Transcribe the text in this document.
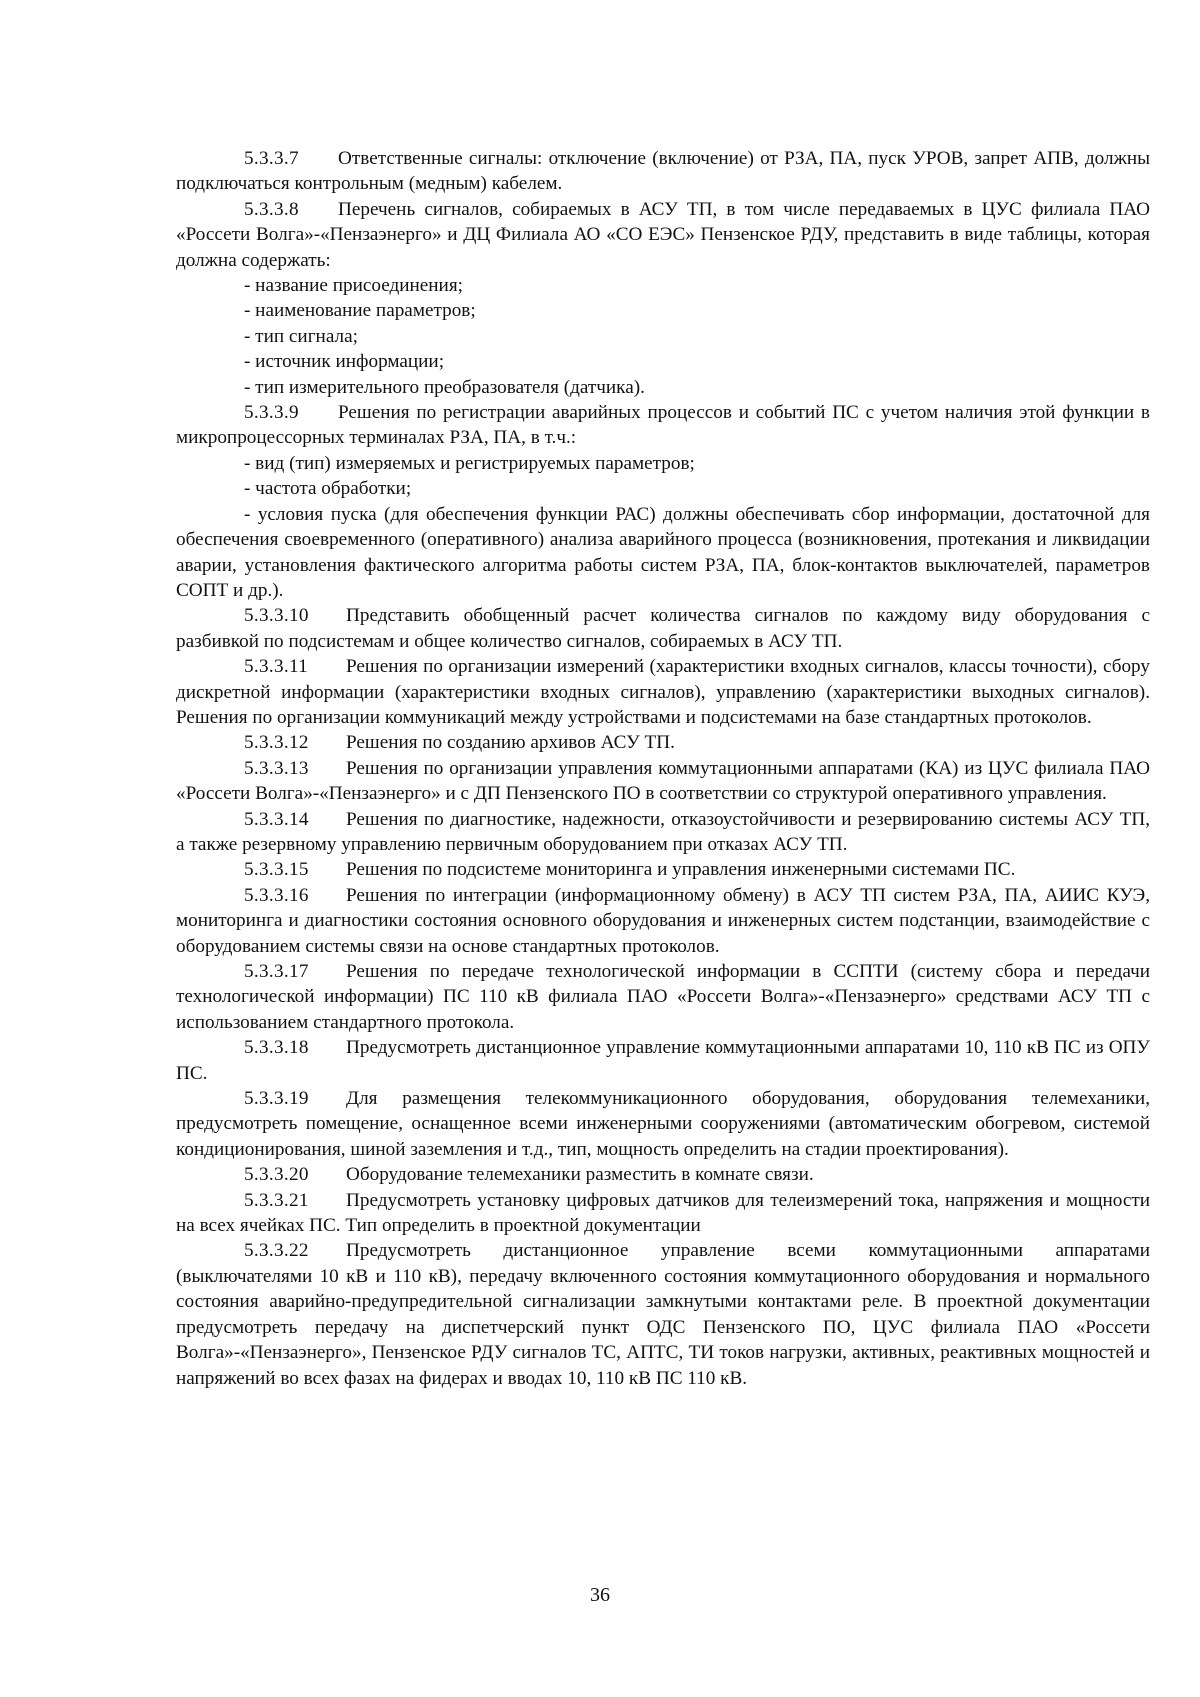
5.3.3.7 Ответственные сигналы: отключение (включение) от РЗА, ПА, пуск УРОВ, запрет АПВ, должны подключаться контрольным (медным) кабелем.

5.3.3.8 Перечень сигналов, собираемых в АСУ ТП, в том числе передаваемых в ЦУС филиала ПАО «Россети Волга»-«Пензаэнерго» и ДЦ Филиала АО «СО ЕЭС» Пензенское РДУ, представить в виде таблицы, которая должна содержать:

- название присоединения;

- наименование параметров;

- тип сигнала;

- источник информации;

- тип измерительного преобразователя (датчика).

5.3.3.9 Решения по регистрации аварийных процессов и событий ПС с учетом наличия этой функции в микропроцессорных терминалах РЗА, ПА, в т.ч.:

- вид (тип) измеряемых и регистрируемых параметров;

- частота обработки;

- условия пуска (для обеспечения функции РАС) должны обеспечивать сбор информации, достаточной для обеспечения своевременного (оперативного) анализа аварийного процесса (возникновения, протекания и ликвидации аварии, установления фактического алгоритма работы систем РЗА, ПА, блок-контактов выключателей, параметров СОПТ и др.).

5.3.3.10 Представить обобщенный расчет количества сигналов по каждому виду оборудования с разбивкой по подсистемам и общее количество сигналов, собираемых в АСУ ТП.

5.3.3.11 Решения по организации измерений (характеристики входных сигналов, классы точности), сбору дискретной информации (характеристики входных сигналов), управлению (характеристики выходных сигналов). Решения по организации коммуникаций между устройствами и подсистемами на базе стандартных протоколов.

5.3.3.12 Решения по созданию архивов АСУ ТП.

5.3.3.13 Решения по организации управления коммутационными аппаратами (КА) из ЦУС филиала ПАО «Россети Волга»-«Пензаэнерго» и с ДП Пензенского ПО в соответствии со структурой оперативного управления.

5.3.3.14 Решения по диагностике, надежности, отказоустойчивости и резервированию системы АСУ ТП, а также резервному управлению первичным оборудованием при отказах АСУ ТП.

5.3.3.15 Решения по подсистеме мониторинга и управления инженерными системами ПС.

5.3.3.16 Решения по интеграции (информационному обмену) в АСУ ТП систем РЗА, ПА, АИИС КУЭ, мониторинга и диагностики состояния основного оборудования и инженерных систем подстанции, взаимодействие с оборудованием системы связи на основе стандартных протоколов.

5.3.3.17 Решения по передаче технологической информации в ССПТИ (систему сбора и передачи технологической информации) ПС 110 кВ филиала ПАО «Россети Волга»-«Пензаэнерго» средствами АСУ ТП с использованием стандартного протокола.

5.3.3.18 Предусмотреть дистанционное управление коммутационными аппаратами 10, 110 кВ ПС из ОПУ ПС.

5.3.3.19 Для размещения телекоммуникационного оборудования, оборудования телемеханики, предусмотреть помещение, оснащенное всеми инженерными сооружениями (автоматическим обогревом, системой кондиционирования, шиной заземления и т.д., тип, мощность определить на стадии проектирования).

5.3.3.20 Оборудование телемеханики разместить в комнате связи.

5.3.3.21 Предусмотреть установку цифровых датчиков для телеизмерений тока, напряжения и мощности на всех ячейках ПС. Тип определить в проектной документации

5.3.3.22 Предусмотреть дистанционное управление всеми коммутационными аппаратами (выключателями 10 кВ и 110 кВ), передачу включенного состояния коммутационного оборудования и нормального состояния аварийно-предупредительной сигнализации замкнутыми контактами реле. В проектной документации предусмотреть передачу на диспетчерский пункт ОДС Пензенского ПО, ЦУС филиала ПАО «Россети Волга»-«Пензаэнерго», Пензенское РДУ сигналов ТС, АПТС, ТИ токов нагрузки, активных, реактивных мощностей и напряжений во всех фазах на фидерах и вводах 10, 110 кВ ПС 110 кВ.

36
